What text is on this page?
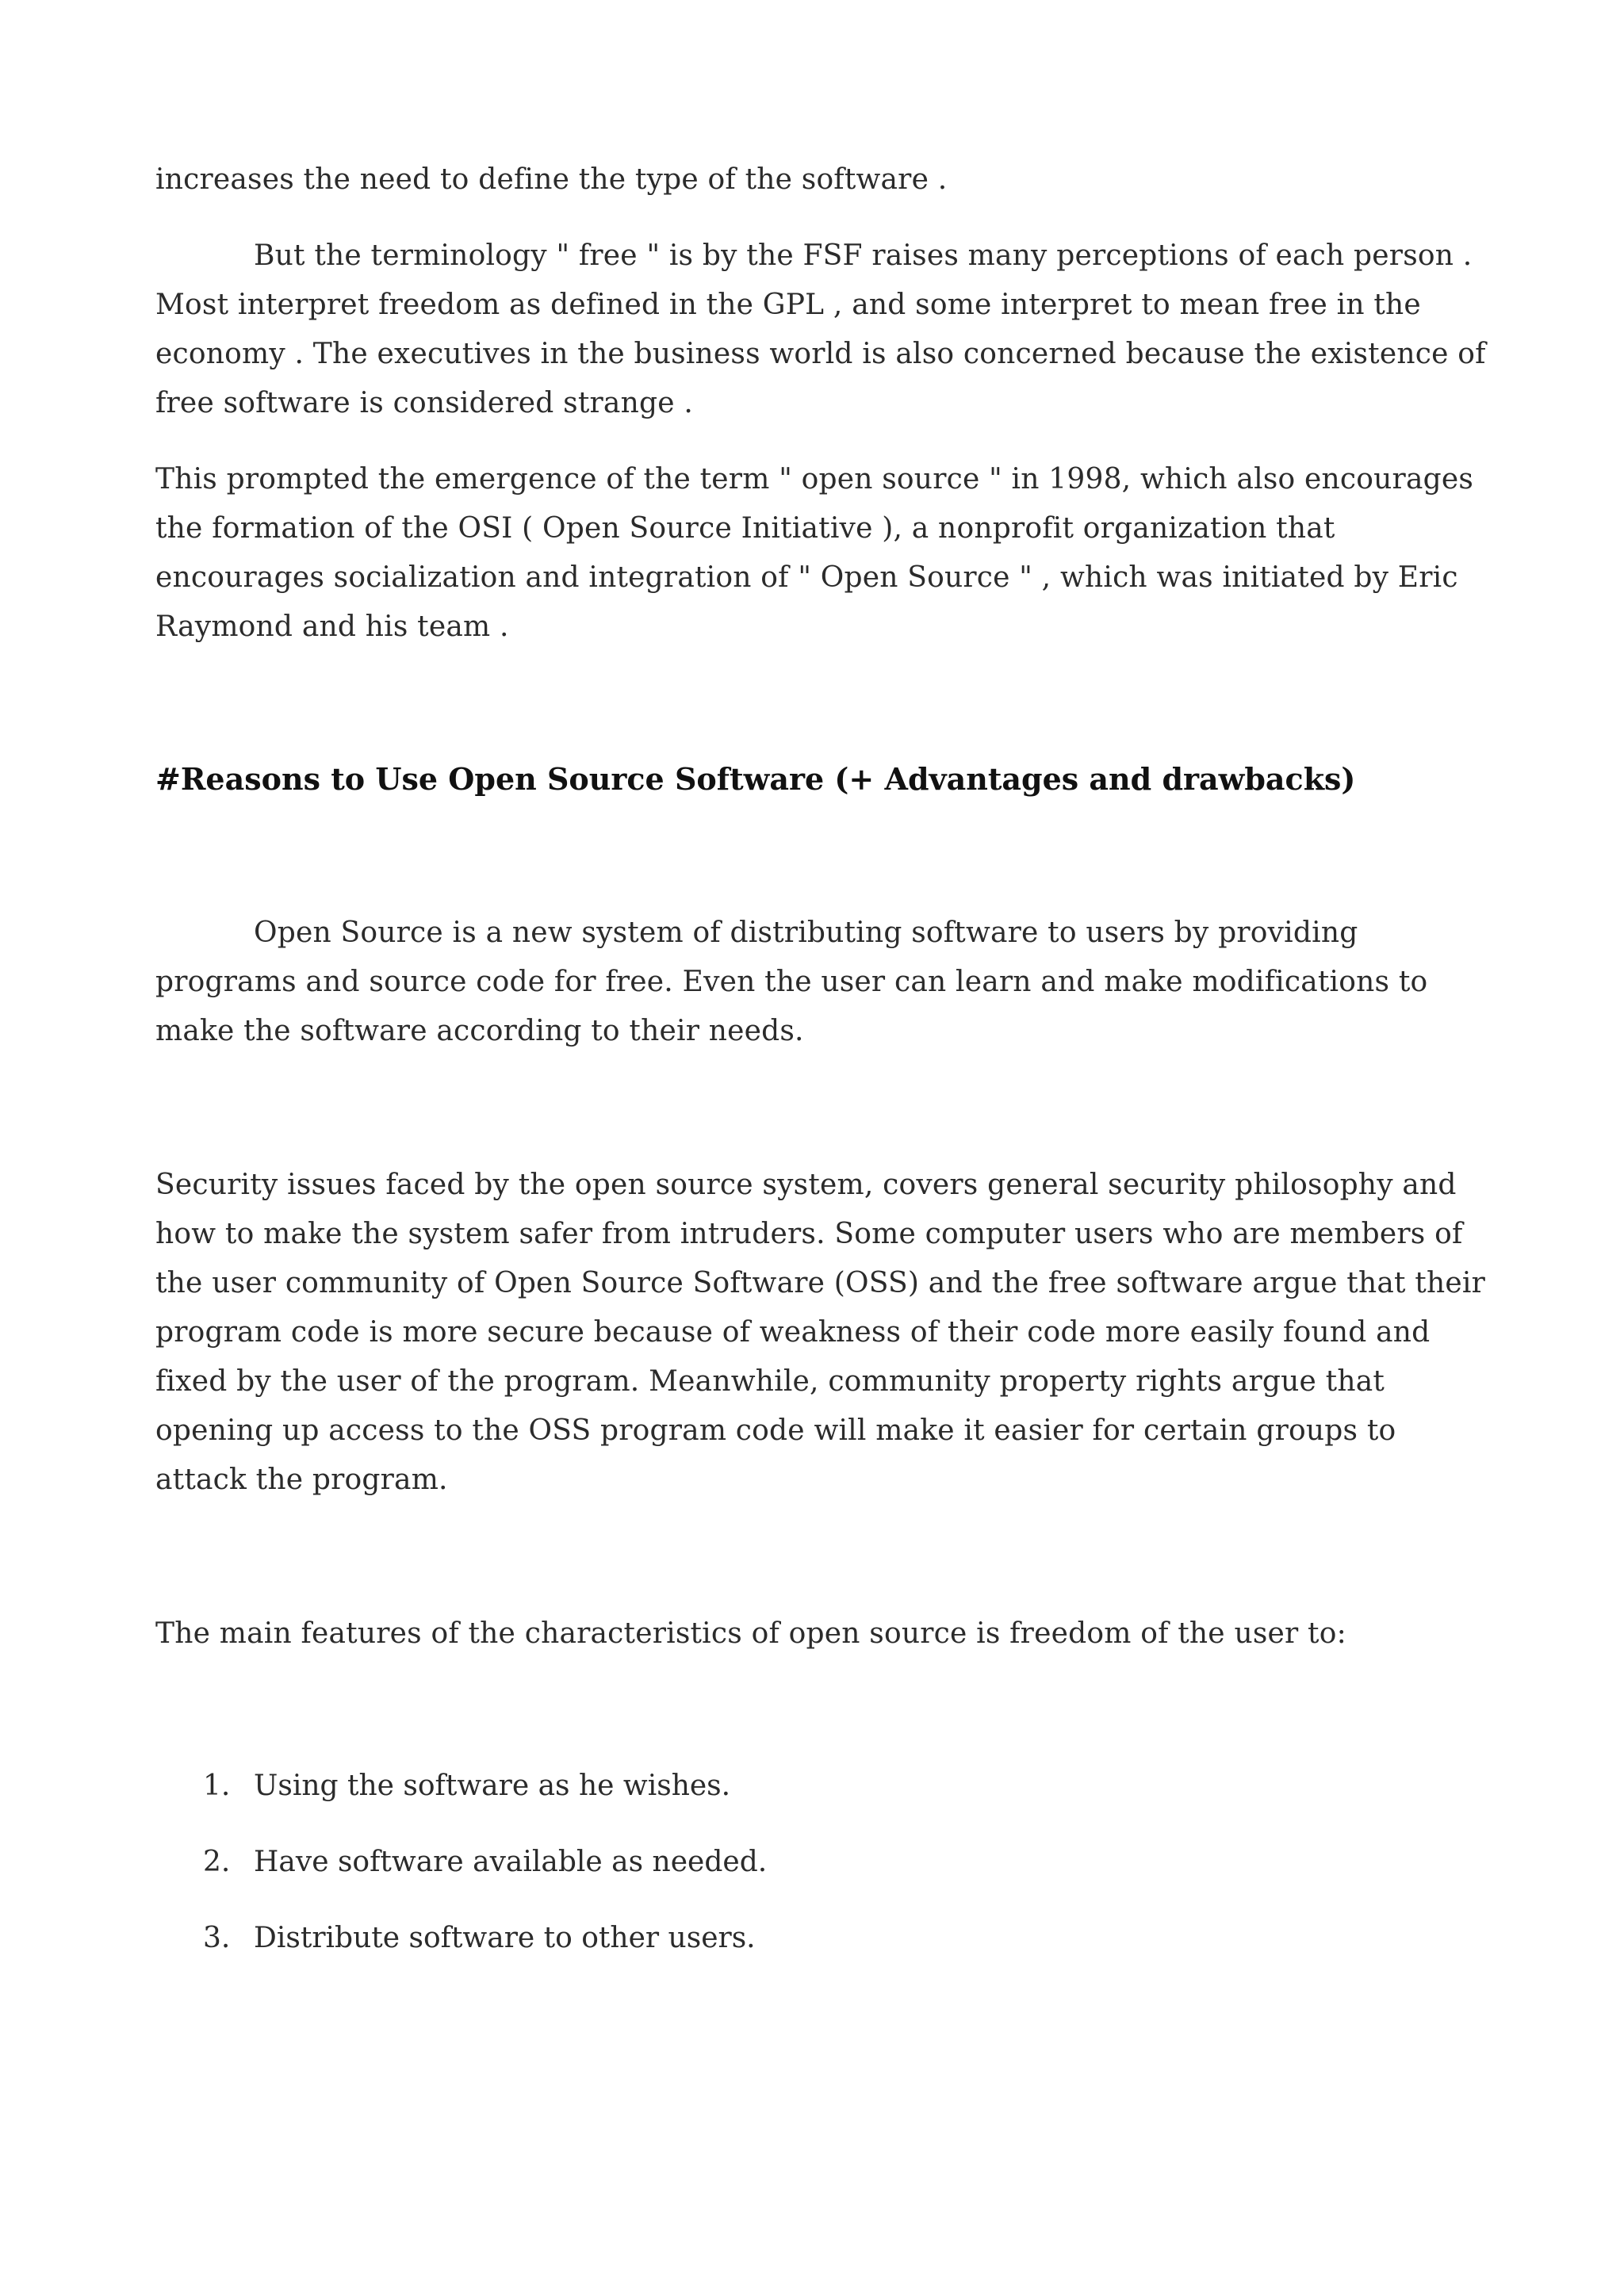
increases the need to define the type of the software .

But the terminology " free " is by the FSF raises many perceptions of each person . Most interpret freedom as defined in the GPL , and some interpret to mean free in the economy . The executives in the business world is also concerned because the existence of free software is considered strange .

This prompted the emergence of the term " open source " in 1998, which also encourages the formation of the OSI ( Open Source Initiative ), a nonprofit organization that encourages socialization and integration of " Open Source " , which was initiated by Eric Raymond and his team .

#Reasons to Use Open Source Software (+ Advantages and drawbacks)

Open Source is a new system of distributing software to users by providing programs and source code for free. Even the user can learn and make modifications to make the software according to their needs.

Security issues faced by the open source system, covers general security philosophy and how to make the system safer from intruders. Some computer users who are members of the user community of Open Source Software (OSS) and the free software argue that their program code is more secure because of weakness of their code more easily found and fixed by the user of the program. Meanwhile, community property rights argue that opening up access to the OSS program code will make it easier for certain groups to attack the program.

The main features of the characteristics of open source is freedom of the user to:

1. Using the software as he wishes.
2. Have software available as needed.
3. Distribute software to other users.
